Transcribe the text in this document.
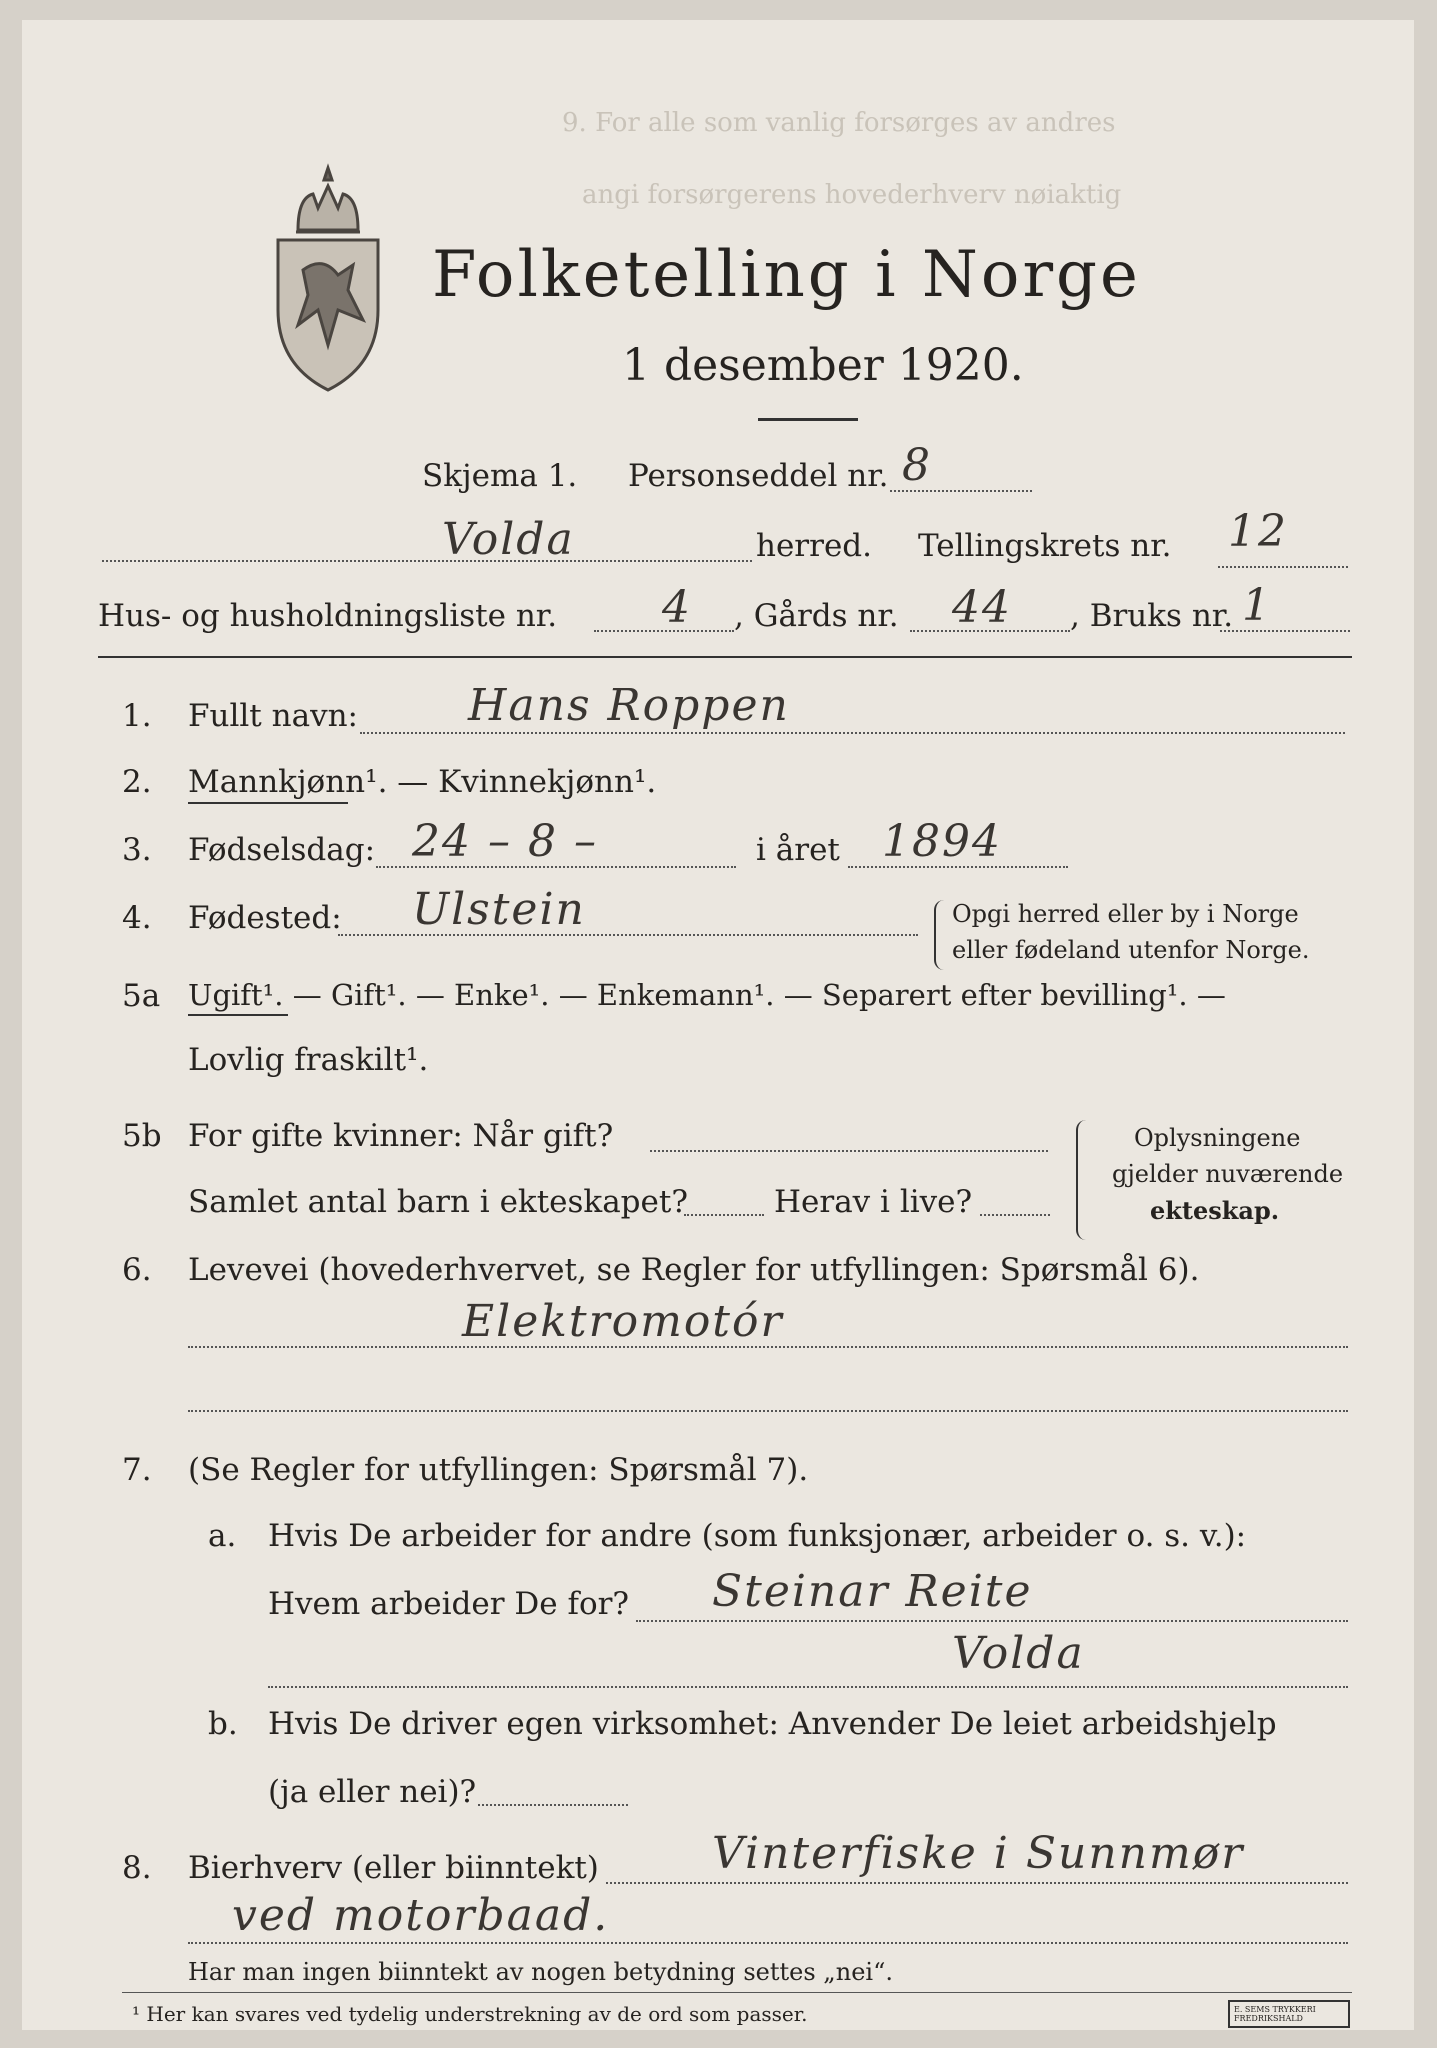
9. For alle som vanlig forsørges av andres
angi forsørgerens hovederhverv nøiaktig
Folketelling i Norge
1 desember 1920.
Skjema 1. Personseddel nr. 8
Volda	herred. Tellingskrets nr. 12
Hus- og husholdningsliste nr. 4 , Gårds nr. 44 , Bruks nr. 1
1. Fullt navn:	Hans Roppen
2. Mannkjønn¹. — Kvinnekjønn¹.
3. Fødselsdag: 24 – 8 –	i året 1894
4. Fødested: Ulstein	Opgi herred eller by i Norge
eller fødeland utenfor Norge.
5a Ugift¹. — Gift¹. — Enke¹. — Enkemann¹. — Separert efter bevilling¹. —
Lovlig fraskilt¹.
5b For gifte kvinner: Når gift?
Samlet antal barn i ekteskapet?	Herav i live?
Oplysningene
gjelder nuværende
ekteskap.
6. Levevei (hovederhvervet, se Regler for utfyllingen: Spørsmål 6).
Elektromotór
7. (Se Regler for utfyllingen: Spørsmål 7).
a. Hvis De arbeider for andre (som funksjonær, arbeider o. s. v.):
Hvem arbeider De for? Steinar Reite
Volda
b. Hvis De driver egen virksomhet: Anvender De leiet arbeidshjelp
(ja eller nei)?
8. Bierhverv (eller biinntekt)	Vinterfiske i Sunnmør
ved motorbaad.
Har man ingen biinntekt av nogen betydning settes „nei“.
¹ Her kan svares ved tydelig understrekning av de ord som passer.	E. SEMS TRYKKERI FREDRIKSHALD
